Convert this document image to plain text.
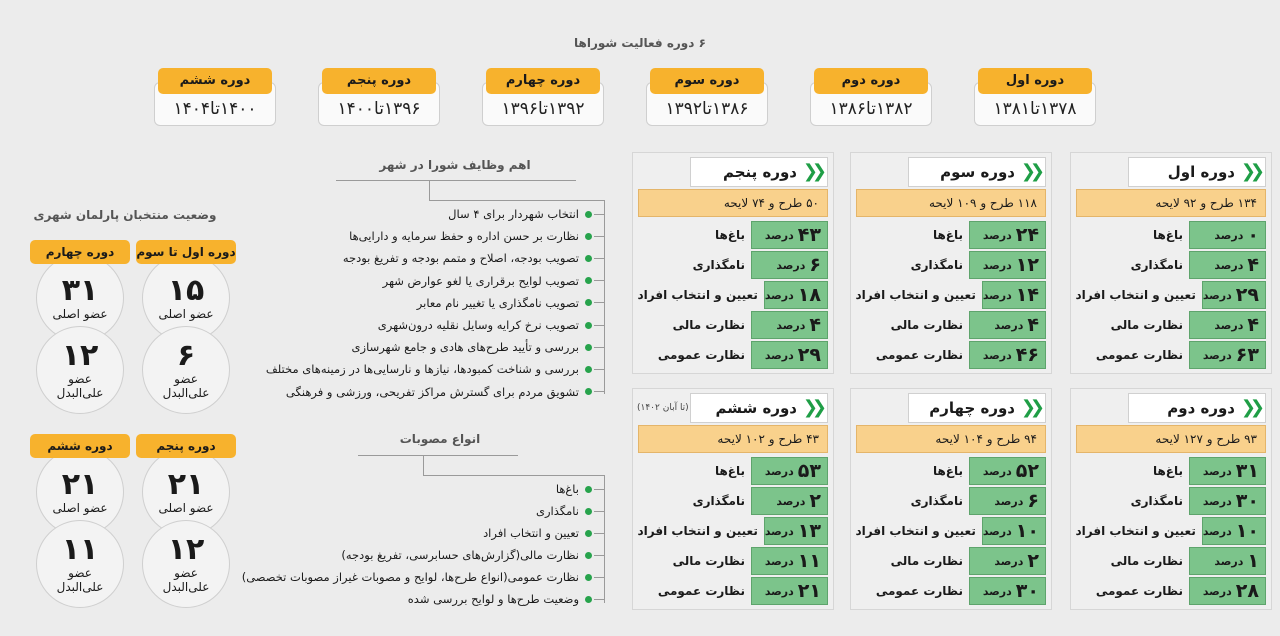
۶ دوره فعالیت شوراها
دوره اول
۱۳۷۸تا۱۳۸۱
دوره دوم
۱۳۸۲تا۱۳۸۶
دوره سوم
۱۳۸۶تا۱۳۹۲
دوره چهارم
۱۳۹۲تا۱۳۹۶
دوره پنجم
۱۳۹۶تا۱۴۰۰
دوره ششم
۱۴۰۰تا۱۴۰۴
❮❮
دوره اول
۱۳۴ طرح و ۹۲ لایحه
۰
درصد
باغ‌ها
۴
درصد
نامگذاری
۲۹
درصد
تعیین و انتخاب افراد
۴
درصد
نظارت مالی
۶۳
درصد
نظارت عمومی
❮❮
دوره سوم
۱۱۸ طرح و ۱۰۹ لایحه
۲۴
درصد
باغ‌ها
۱۲
درصد
نامگذاری
۱۴
درصد
تعیین و انتخاب افراد
۴
درصد
نظارت مالی
۴۶
درصد
نظارت عمومی
❮❮
دوره پنجم
۵۰ طرح و ۷۴ لایحه
۴۳
درصد
باغ‌ها
۶
درصد
نامگذاری
۱۸
درصد
تعیین و انتخاب افراد
۴
درصد
نظارت مالی
۲۹
درصد
نظارت عمومی
❮❮
دوره دوم
۹۳ طرح و ۱۲۷ لایحه
۳۱
درصد
باغ‌ها
۳۰
درصد
نامگذاری
۱۰
درصد
تعیین و انتخاب افراد
۱
درصد
نظارت مالی
۲۸
درصد
نظارت عمومی
❮❮
دوره چهارم
۹۴ طرح و ۱۰۴ لایحه
۵۲
درصد
باغ‌ها
۶
درصد
نامگذاری
۱۰
درصد
تعیین و انتخاب افراد
۲
درصد
نظارت مالی
۳۰
درصد
نظارت عمومی
❮❮
دوره ششم
۴۳ طرح و ۱۰۲ لایحه
(تا آبان ۱۴۰۲)
۵۳
درصد
باغ‌ها
۲
درصد
نامگذاری
۱۳
درصد
تعیین و انتخاب افراد
۱۱
درصد
نظارت مالی
۲۱
درصد
نظارت عمومی
اهم وظایف شورا در شهر
انتخاب شهردار برای ۴ سال
نظارت بر حسن اداره و حفظ سرمایه و دارایی‌ها
تصویب بودجه، اصلاح و متمم بودجه و تفریغ بودجه
تصویب لوایح برقراری یا لغو عوارض شهر
تصویب نامگذاری یا تغییر نام معابر
تصویب نرخ کرایه وسایل نقلیه درون‌شهری
بررسی و تأیید طرح‌های هادی و جامع شهرسازی
بررسی و شناخت کمبودها، نیازها و نارسایی‌ها در زمینه‌های مختلف
تشویق مردم برای گسترش مراکز تفریحی، ورزشی و فرهنگی
انواع مصوبات
باغ‌ها
نامگذاری
تعیین و انتخاب افراد
نظارت مالی(گزارش‌های حسابرسی، تفریغ بودجه)
نظارت عمومی(انواع طرح‌ها، لوایح و مصوبات غیراز مصوبات تخصصی)
وضعیت طرح‌ها و لوایح بررسی شده
وضعیت منتخبان پارلمان شهری
دوره اول تا سوم
۱۵
عضو اصلی
۶
عضو
علی‌البدل
دوره چهارم
۳۱
عضو اصلی
۱۲
عضو
علی‌البدل
دوره پنجم
۲۱
عضو اصلی
۱۲
عضو
علی‌البدل
دوره ششم
۲۱
عضو اصلی
۱۱
عضو
علی‌البدل
